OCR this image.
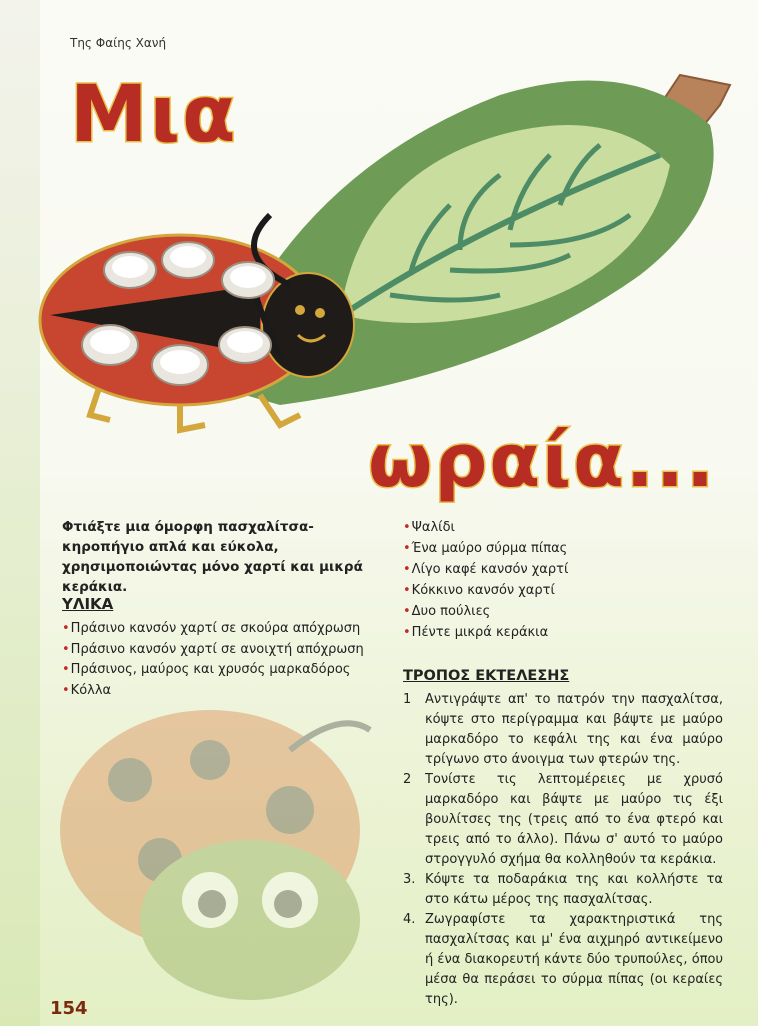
Της Φαίης Χανή
Μια
ωραία...
Φτιάξτε μια όμορφη πασχαλίτσα-κηροπήγιο απλά και εύκολα, χρησιμοποιώντας μόνο χαρτί και μικρά κεράκια.
ΥΛΙΚΑ
•Πράσινο κανσόν χαρτί σε σκούρα απόχρωση
•Πράσινο κανσόν χαρτί σε ανοιχτή απόχρωση
•Πράσινος, μαύρος και χρυσός μαρκαδόρος
•Κόλλα
•Ψαλίδι
•Ένα μαύρο σύρμα πίπας
•Λίγο καφέ κανσόν χαρτί
•Κόκκινο κανσόν χαρτί
•Δυο πούλιες
•Πέντε μικρά κεράκια
ΤΡΟΠΟΣ ΕΚΤΕΛΕΣΗΣ
1	Αντιγράψτε απ' το πατρόν την πασχαλίτσα, κόψτε στο περίγραμμα και βάψτε με μαύρο μαρκαδόρο το κεφάλι της και ένα μαύρο τρίγωνο στο άνοιγμα των φτερών της.
2	Τονίστε τις λεπτομέρειες με χρυσό μαρκαδόρο και βάψτε με μαύρο τις έξι βουλίτσες της (τρεις από το ένα φτερό και τρεις από το άλλο). Πάνω σ' αυτό το μαύρο στρογγυλό σχήμα θα κολληθούν τα κεράκια.
3. Κόψτε τα ποδαράκια της και κολλήστε τα στο κάτω μέρος της πασχαλίτσας.
4. Ζωγραφίστε τα χαρακτηριστικά της πασχαλίτσας και μ' ένα αιχμηρό αντικείμενο ή ένα διακορευτή κάντε δύο τρυπούλες, όπου μέσα θα περάσει το σύρμα πίπας (οι κεραίες της).
154
